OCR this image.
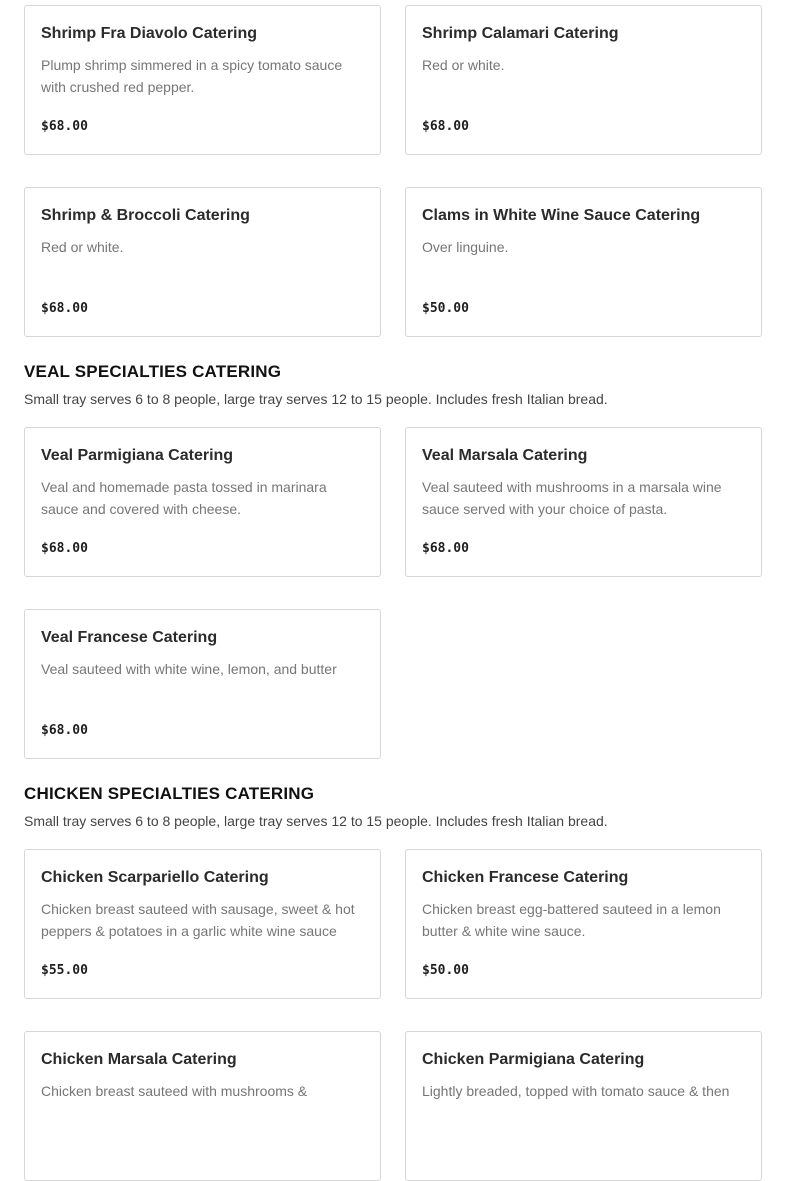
Shrimp Fra Diavolo Catering
Plump shrimp simmered in a spicy tomato sauce with crushed red pepper.
$68.00
Shrimp Calamari Catering
Red or white.
$68.00
Shrimp & Broccoli Catering
Red or white.
$68.00
Clams in White Wine Sauce Catering
Over linguine.
$50.00
VEAL SPECIALTIES CATERING

Small tray serves 6 to 8 people, large tray serves 12 to 15 people. Includes fresh Italian bread.

Veal Parmigiana Catering
Veal and homemade pasta tossed in marinara sauce and covered with cheese.
$68.00
Veal Marsala Catering
Veal sauteed with mushrooms in a marsala wine sauce served with your choice of pasta.
$68.00
Veal Francese Catering
Veal sauteed with white wine, lemon, and butter
$68.00
CHICKEN SPECIALTIES CATERING

Small tray serves 6 to 8 people, large tray serves 12 to 15 people. Includes fresh Italian bread.

Chicken Scarpariello Catering
Chicken breast sauteed with sausage, sweet & hot peppers & potatoes in a garlic white wine sauce
$55.00
Chicken Francese Catering
Chicken breast egg-battered sauteed in a lemon butter & white wine sauce.
$50.00
Chicken Marsala Catering
Chicken breast sauteed with mushrooms &
Chicken Parmigiana Catering
Lightly breaded, topped with tomato sauce & then
